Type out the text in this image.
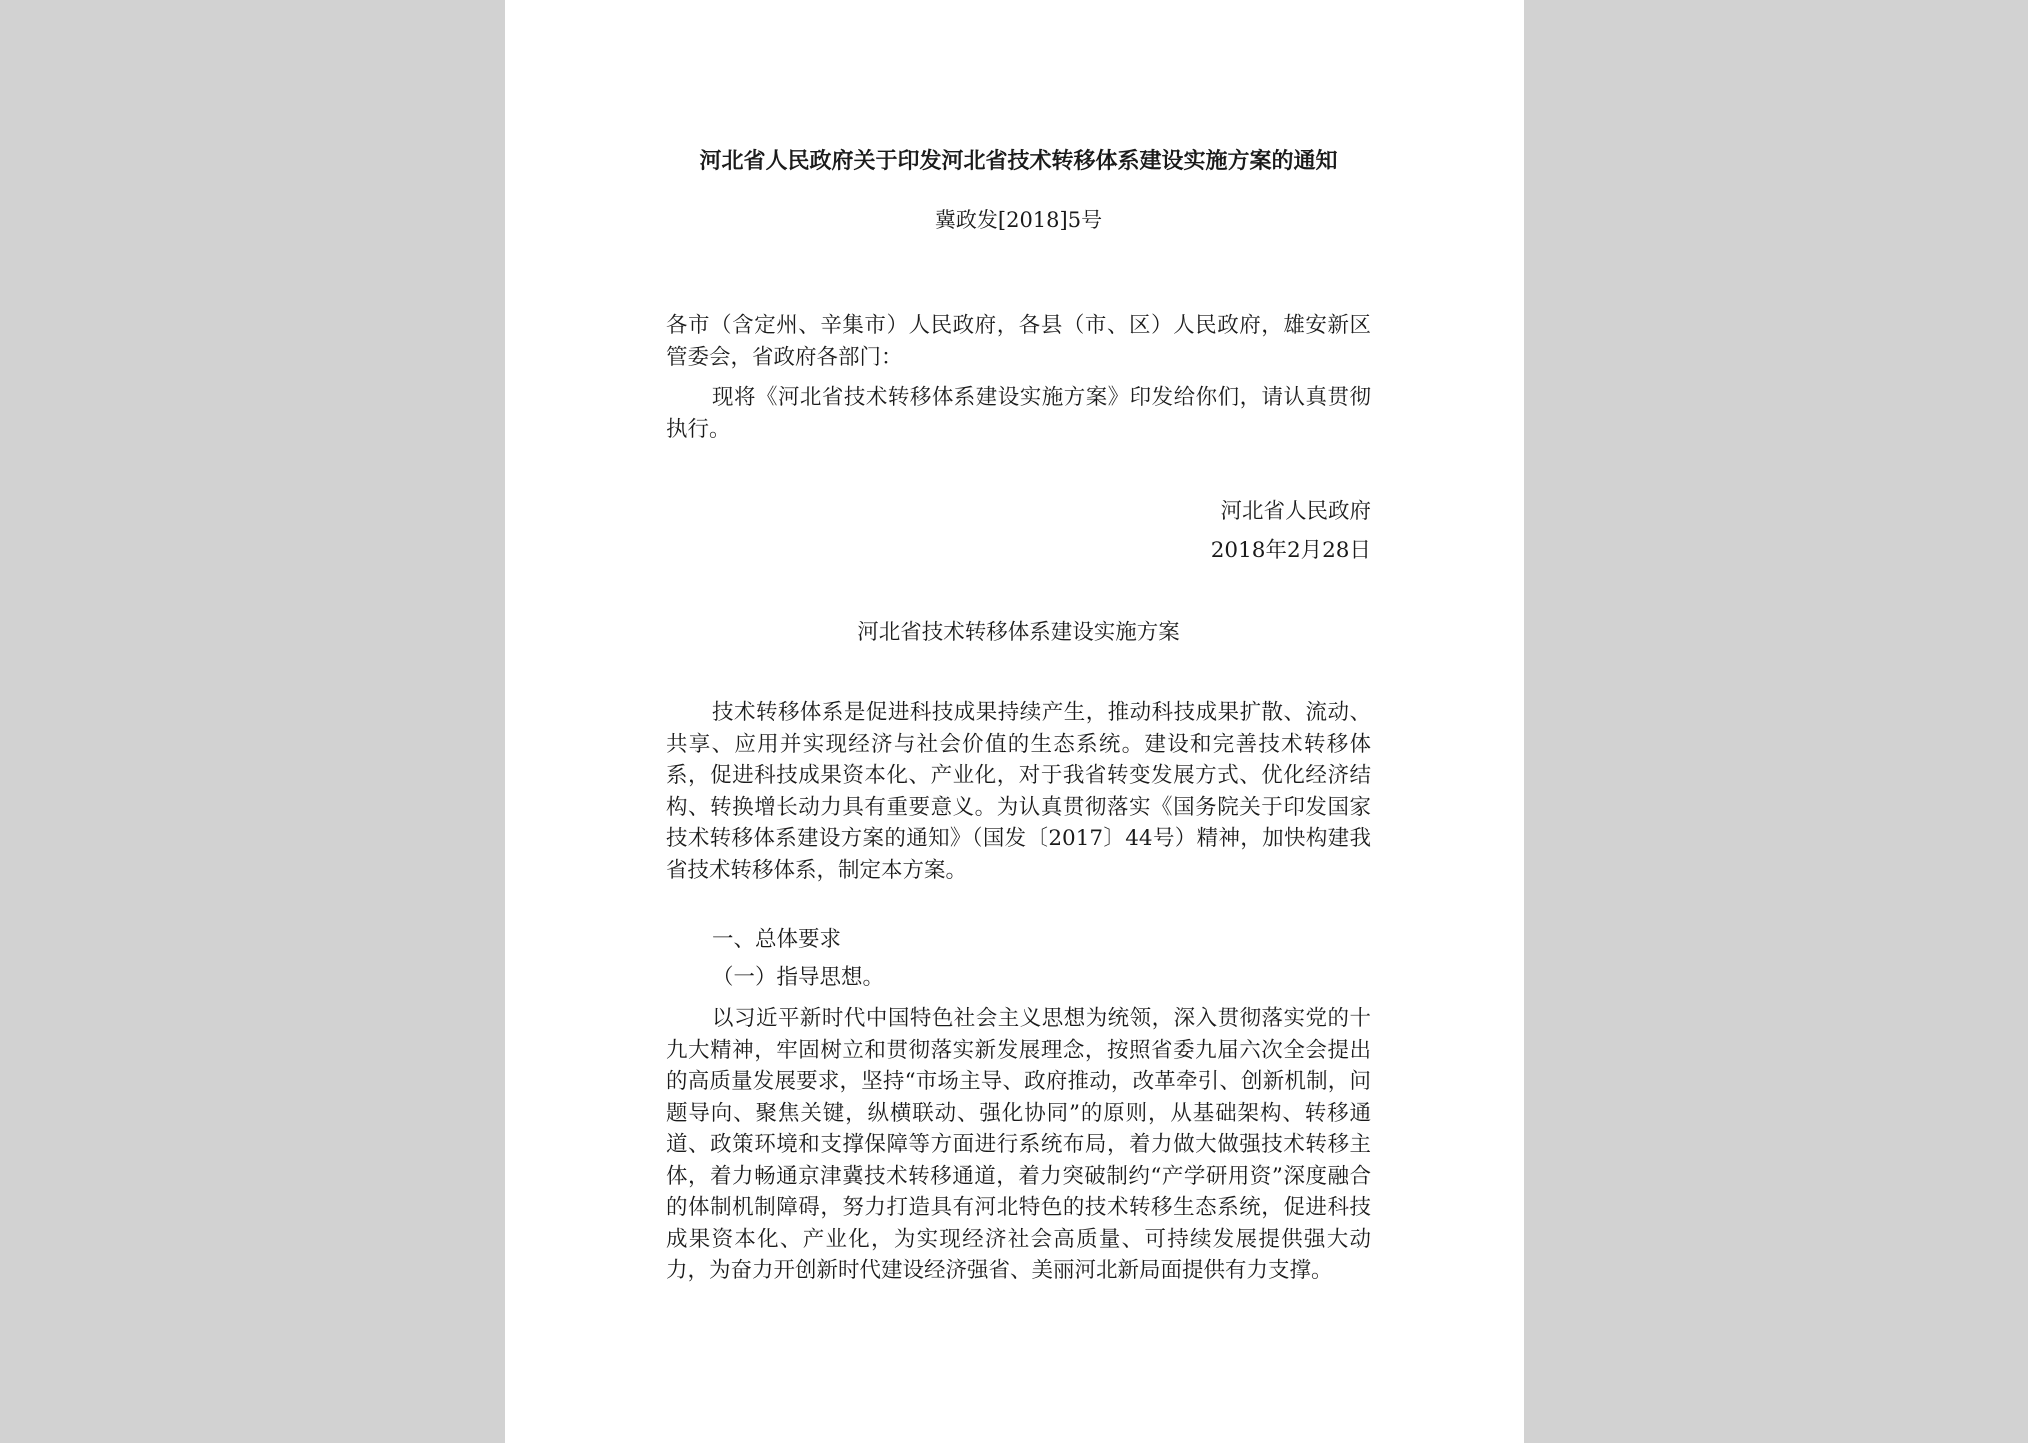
河北省人民政府关于印发河北省技术转移体系建设实施方案的通知
冀政发[2018]5号

各市（含定州、辛集市）人民政府，各县（市、区）人民政府，雄安新区管委会，省政府各部门：

现将《河北省技术转移体系建设实施方案》印发给你们，请认真贯彻执行。

河北省人民政府
2018年2月28日
河北省技术转移体系建设实施方案

技术转移体系是促进科技成果持续产生，推动科技成果扩散、流动、共享、应用并实现经济与社会价值的生态系统。建设和完善技术转移体系，促进科技成果资本化、产业化，对于我省转变发展方式、优化经济结构、转换增长动力具有重要意义。为认真贯彻落实《国务院关于印发国家技术转移体系建设方案的通知》（国发〔2017〕44号）精神，加快构建我省技术转移体系，制定本方案。

一、总体要求
（一）指导思想。

以习近平新时代中国特色社会主义思想为统领，深入贯彻落实党的十九大精神，牢固树立和贯彻落实新发展理念，按照省委九届六次全会提出的高质量发展要求，坚持“市场主导、政府推动，改革牵引、创新机制，问题导向、聚焦关键，纵横联动、强化协同”的原则，从基础架构、转移通道、政策环境和支撑保障等方面进行系统布局，着力做大做强技术转移主体，着力畅通京津冀技术转移通道，着力突破制约“产学研用资”深度融合的体制机制障碍，努力打造具有河北特色的技术转移生态系统，促进科技成果资本化、产业化，为实现经济社会高质量、可持续发展提供强大动力，为奋力开创新时代建设经济强省、美丽河北新局面提供有力支撑。
